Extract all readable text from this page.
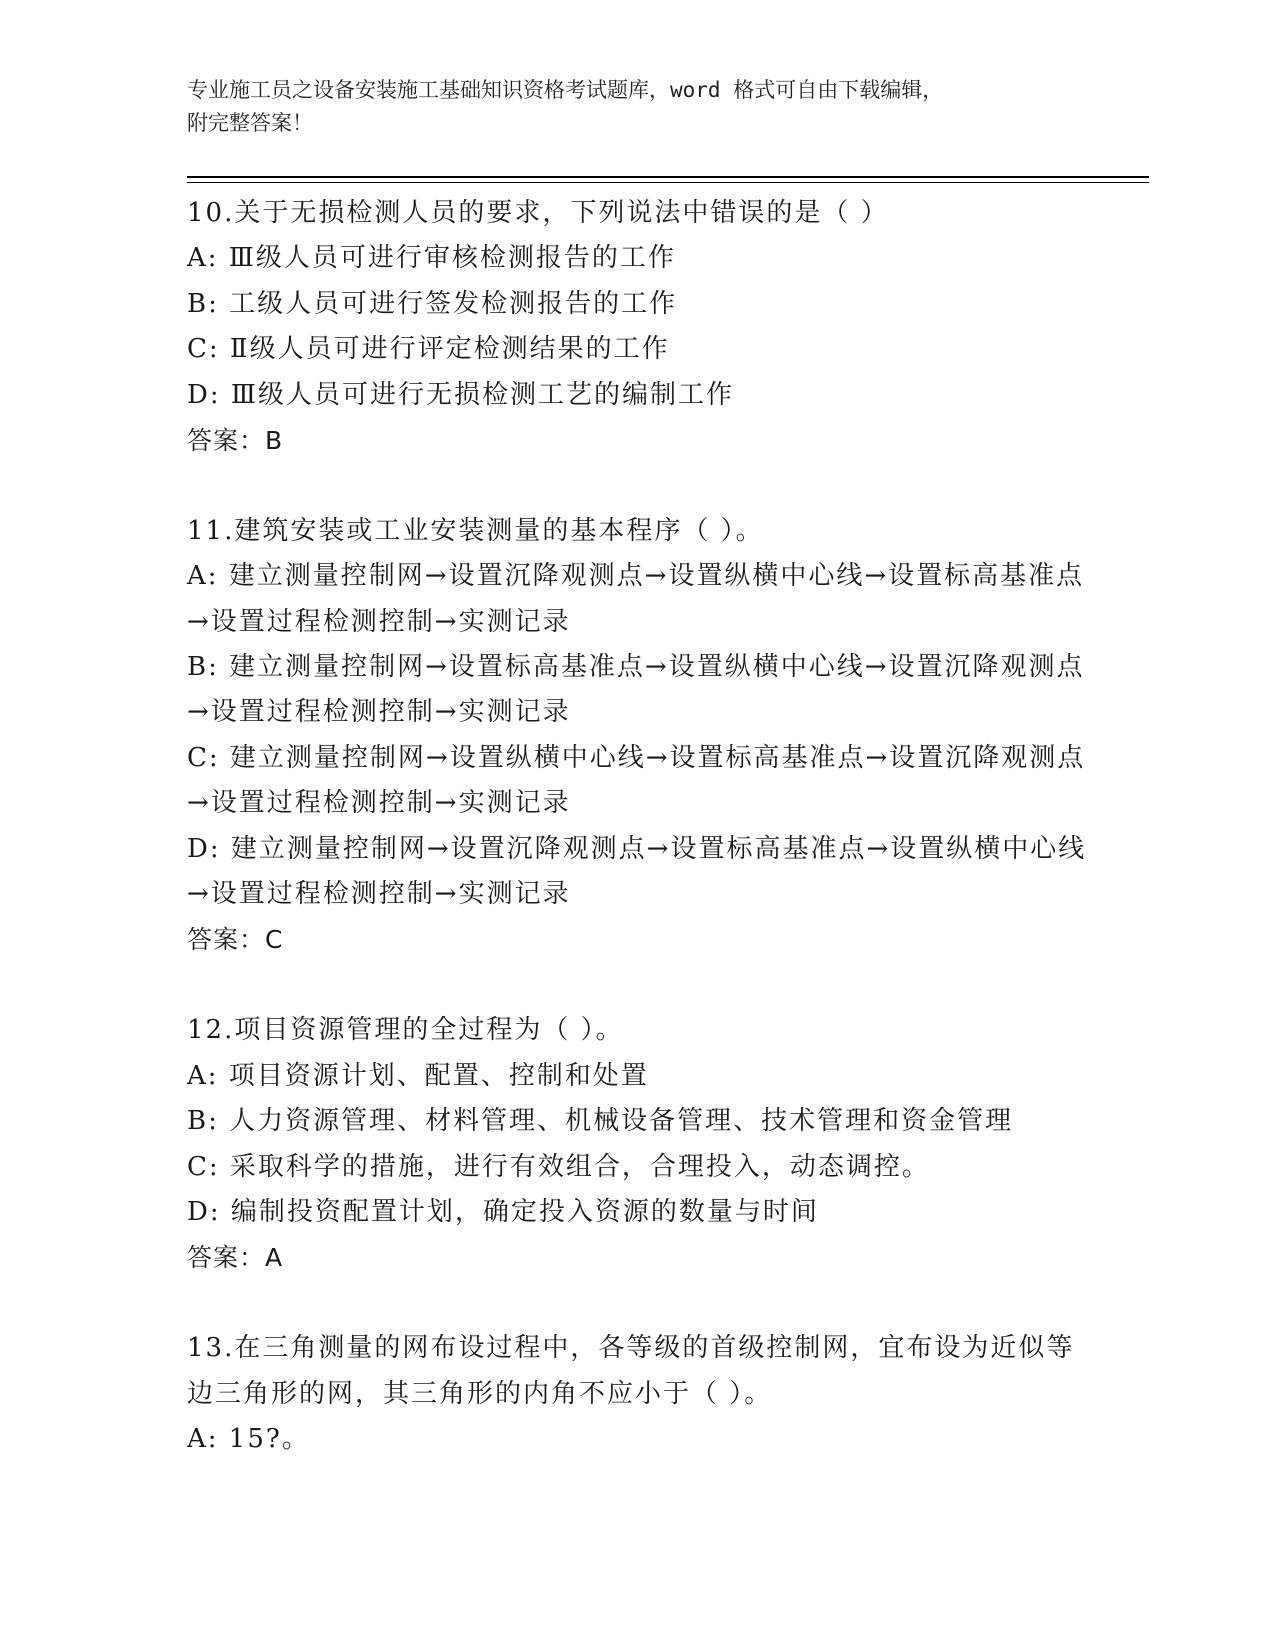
专业施工员之设备安装施工基础知识资格考试题库，word 格式可自由下载编辑，
附完整答案！
10.关于无损检测人员的要求，下列说法中错误的是（ ）
A: Ⅲ级人员可进行审核检测报告的工作
B: 工级人员可进行签发检测报告的工作
C: Ⅱ级人员可进行评定检测结果的工作
D: Ⅲ级人员可进行无损检测工艺的编制工作
答案：B
11.建筑安装或工业安装测量的基本程序（ ）。
A: 建立测量控制网→设置沉降观测点→设置纵横中心线→设置标高基准点→设置过程检测控制→实测记录
B: 建立测量控制网→设置标高基准点→设置纵横中心线→设置沉降观测点→设置过程检测控制→实测记录
C: 建立测量控制网→设置纵横中心线→设置标高基准点→设置沉降观测点→设置过程检测控制→实测记录
D: 建立测量控制网→设置沉降观测点→设置标高基准点→设置纵横中心线→设置过程检测控制→实测记录
答案：C
12.项目资源管理的全过程为（ ）。
A: 项目资源计划、配置、控制和处置
B: 人力资源管理、材料管理、机械设备管理、技术管理和资金管理
C: 采取科学的措施，进行有效组合，合理投入，动态调控。
D: 编制投资配置计划，确定投入资源的数量与时间
答案：A
13.在三角测量的网布设过程中，各等级的首级控制网，宜布设为近似等边三角形的网，其三角形的内角不应小于（ ）。
A: 15?。
